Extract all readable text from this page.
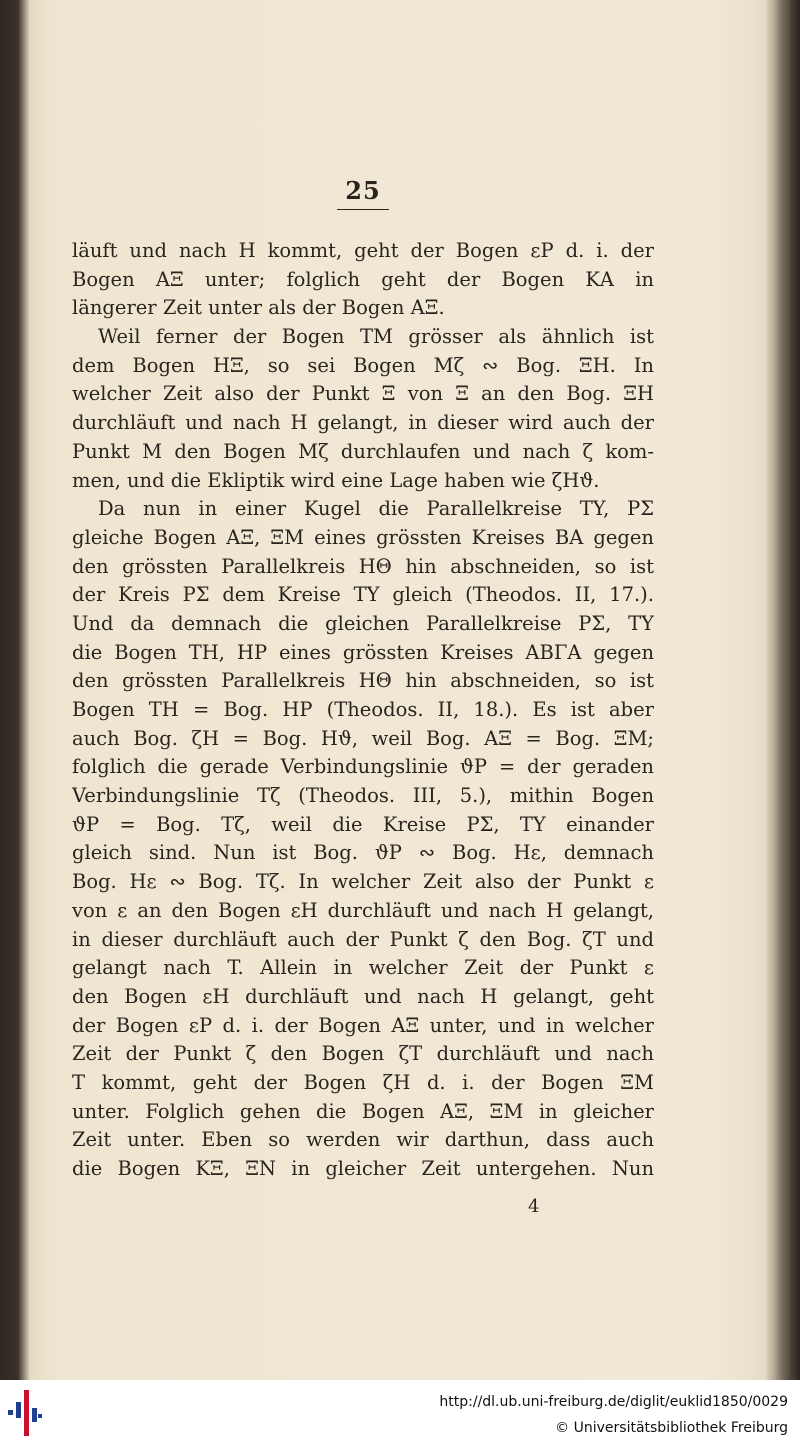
25
läuft und nach H kommt, geht der Bogen εP d. i. der
Bogen ΑΞ unter; folglich geht der Bogen ΚΑ in
längerer Zeit unter als der Bogen ΑΞ.
Weil ferner der Bogen TM grösser als ähnlich ist
dem Bogen HΞ, so sei Bogen Mζ ∾ Bog. ΞH. In
welcher Zeit also der Punkt Ξ von Ξ an den Bog. ΞH
durchläuft und nach H gelangt, in dieser wird auch der
Punkt M den Bogen Mζ durchlaufen und nach ζ kom-
men, und die Ekliptik wird eine Lage haben wie ζHϑ.
Da nun in einer Kugel die Parallelkreise TY, PΣ
gleiche Bogen ΑΞ, ΞM eines grössten Kreises BΑ gegen
den grössten Parallelkreis HΘ hin abschneiden, so ist
der Kreis PΣ dem Kreise TY gleich (Theodos. II, 17.).
Und da demnach die gleichen Parallelkreise PΣ, TY
die Bogen TH, HP eines grössten Kreises ABΓΑ gegen
den grössten Parallelkreis HΘ hin abschneiden, so ist
Bogen TH = Bog. HP (Theodos. II, 18.). Es ist aber
auch Bog. ζH = Bog. Hϑ, weil Bog. ΑΞ = Bog. ΞM;
folglich die gerade Verbindungslinie ϑP = der geraden
Verbindungslinie Tζ (Theodos. III, 5.), mithin Bogen
ϑP = Bog. Tζ, weil die Kreise PΣ, TY einander
gleich sind. Nun ist Bog. ϑP ∾ Bog. Hε, demnach
Bog. Hε ∾ Bog. Tζ. In welcher Zeit also der Punkt ε
von ε an den Bogen εH durchläuft und nach H gelangt,
in dieser durchläuft auch der Punkt ζ den Bog. ζT und
gelangt nach T. Allein in welcher Zeit der Punkt ε
den Bogen εH durchläuft und nach H gelangt, geht
der Bogen εP d. i. der Bogen ΑΞ unter, und in welcher
Zeit der Punkt ζ den Bogen ζT durchläuft und nach
T kommt, geht der Bogen ζH d. i. der Bogen ΞM
unter. Folglich gehen die Bogen ΑΞ, ΞM in gleicher
Zeit unter. Eben so werden wir darthun, dass auch
die Bogen KΞ, ΞN in gleicher Zeit untergehen. Nun
4
http://dl.ub.uni-freiburg.de/diglit/euklid1850/0029
© Universitätsbibliothek Freiburg
